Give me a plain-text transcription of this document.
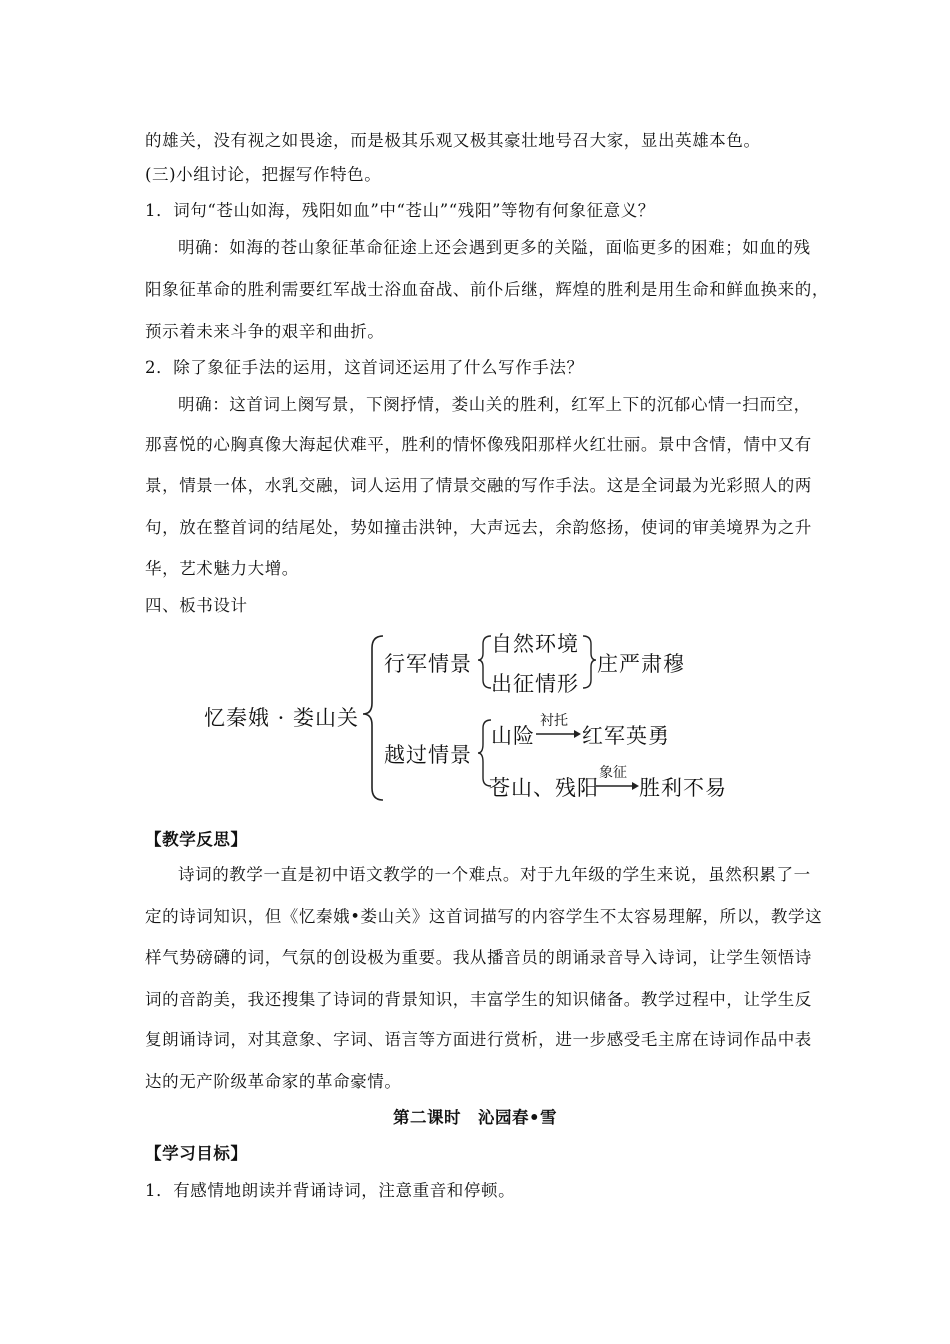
的雄关，没有视之如畏途，而是极其乐观又极其豪壮地号召大家，显出英雄本色。
(三)小组讨论，把握写作特色。
1．词句“苍山如海，残阳如血”中“苍山”“残阳”等物有何象征意义？
明确：如海的苍山象征革命征途上还会遇到更多的关隘，面临更多的困难；如血的残
阳象征革命的胜利需要红军战士浴血奋战、前仆后继，辉煌的胜利是用生命和鲜血换来的，
预示着未来斗争的艰辛和曲折。
2．除了象征手法的运用，这首词还运用了什么写作手法？
明确：这首词上阕写景，下阕抒情，娄山关的胜利，红军上下的沉郁心情一扫而空，
那喜悦的心胸真像大海起伏难平，胜利的情怀像残阳那样火红壮丽。景中含情，情中又有
景，情景一体，水乳交融，词人运用了情景交融的写作手法。这是全词最为光彩照人的两
句，放在整首词的结尾处，势如撞击洪钟，大声远去，余韵悠扬，使词的审美境界为之升
华，艺术魅力大增。
四、板书设计
忆秦娥 · 娄山关
行军情景
自然环境
出征情形
庄严肃穆
越过情景
山险
衬托
红军英勇
苍山、残阳
象征
胜利不易
【教学反思】
诗词的教学一直是初中语文教学的一个难点。对于九年级的学生来说，虽然积累了一
定的诗词知识，但《忆秦娥•娄山关》这首词描写的内容学生不太容易理解，所以，教学这
样气势磅礴的词，气氛的创设极为重要。我从播音员的朗诵录音导入诗词，让学生领悟诗
词的音韵美，我还搜集了诗词的背景知识，丰富学生的知识储备。教学过程中，让学生反
复朗诵诗词，对其意象、字词、语言等方面进行赏析，进一步感受毛主席在诗词作品中表
达的无产阶级革命家的革命豪情。
第二课时　沁园春•雪
【学习目标】
1．有感情地朗读并背诵诗词，注意重音和停顿。
